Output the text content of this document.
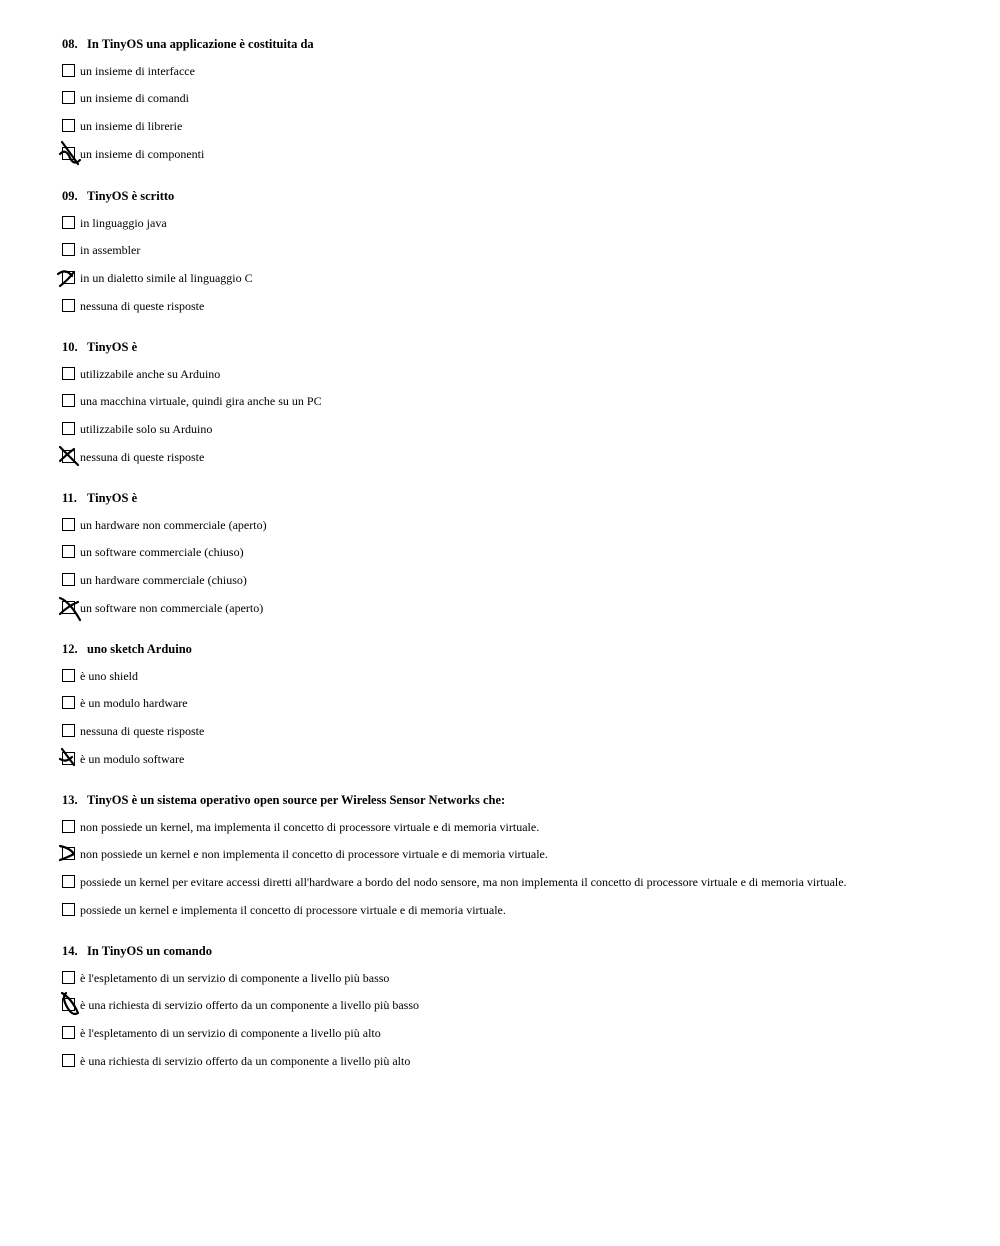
08. In TinyOS una applicazione è costituita da
un insieme di interfacce
un insieme di comandi
un insieme di librerie
un insieme di componenti
09. TinyOS è scritto
in linguaggio java
in assembler
in un dialetto simile al linguaggio C
nessuna di queste risposte
10. TinyOS è
utilizzabile anche su Arduino
una macchina virtuale, quindi gira anche su un PC
utilizzabile solo su Arduino
nessuna di queste risposte
11. TinyOS è
un hardware non commerciale (aperto)
un software commerciale (chiuso)
un hardware commerciale (chiuso)
un software non commerciale (aperto)
12. uno sketch Arduino
è uno shield
è un modulo hardware
nessuna di queste risposte
è un modulo software
13. TinyOS è un sistema operativo open source per Wireless Sensor Networks che:
non possiede un kernel, ma implementa il concetto di processore virtuale e di memoria virtuale.
non possiede un kernel e non implementa il concetto di processore virtuale e di memoria virtuale.
possiede un kernel per evitare accessi diretti all'hardware a bordo del nodo sensore, ma non implementa il concetto di processore virtuale e di memoria virtuale.
possiede un kernel e implementa il concetto di processore virtuale e di memoria virtuale.
14. In TinyOS un comando
è l'espletamento di un servizio di componente a livello più basso
è una richiesta di servizio offerto da un componente a livello più basso
è l'espletamento di un servizio di componente a livello più alto
è una richiesta di servizio offerto da un componente a livello più alto
